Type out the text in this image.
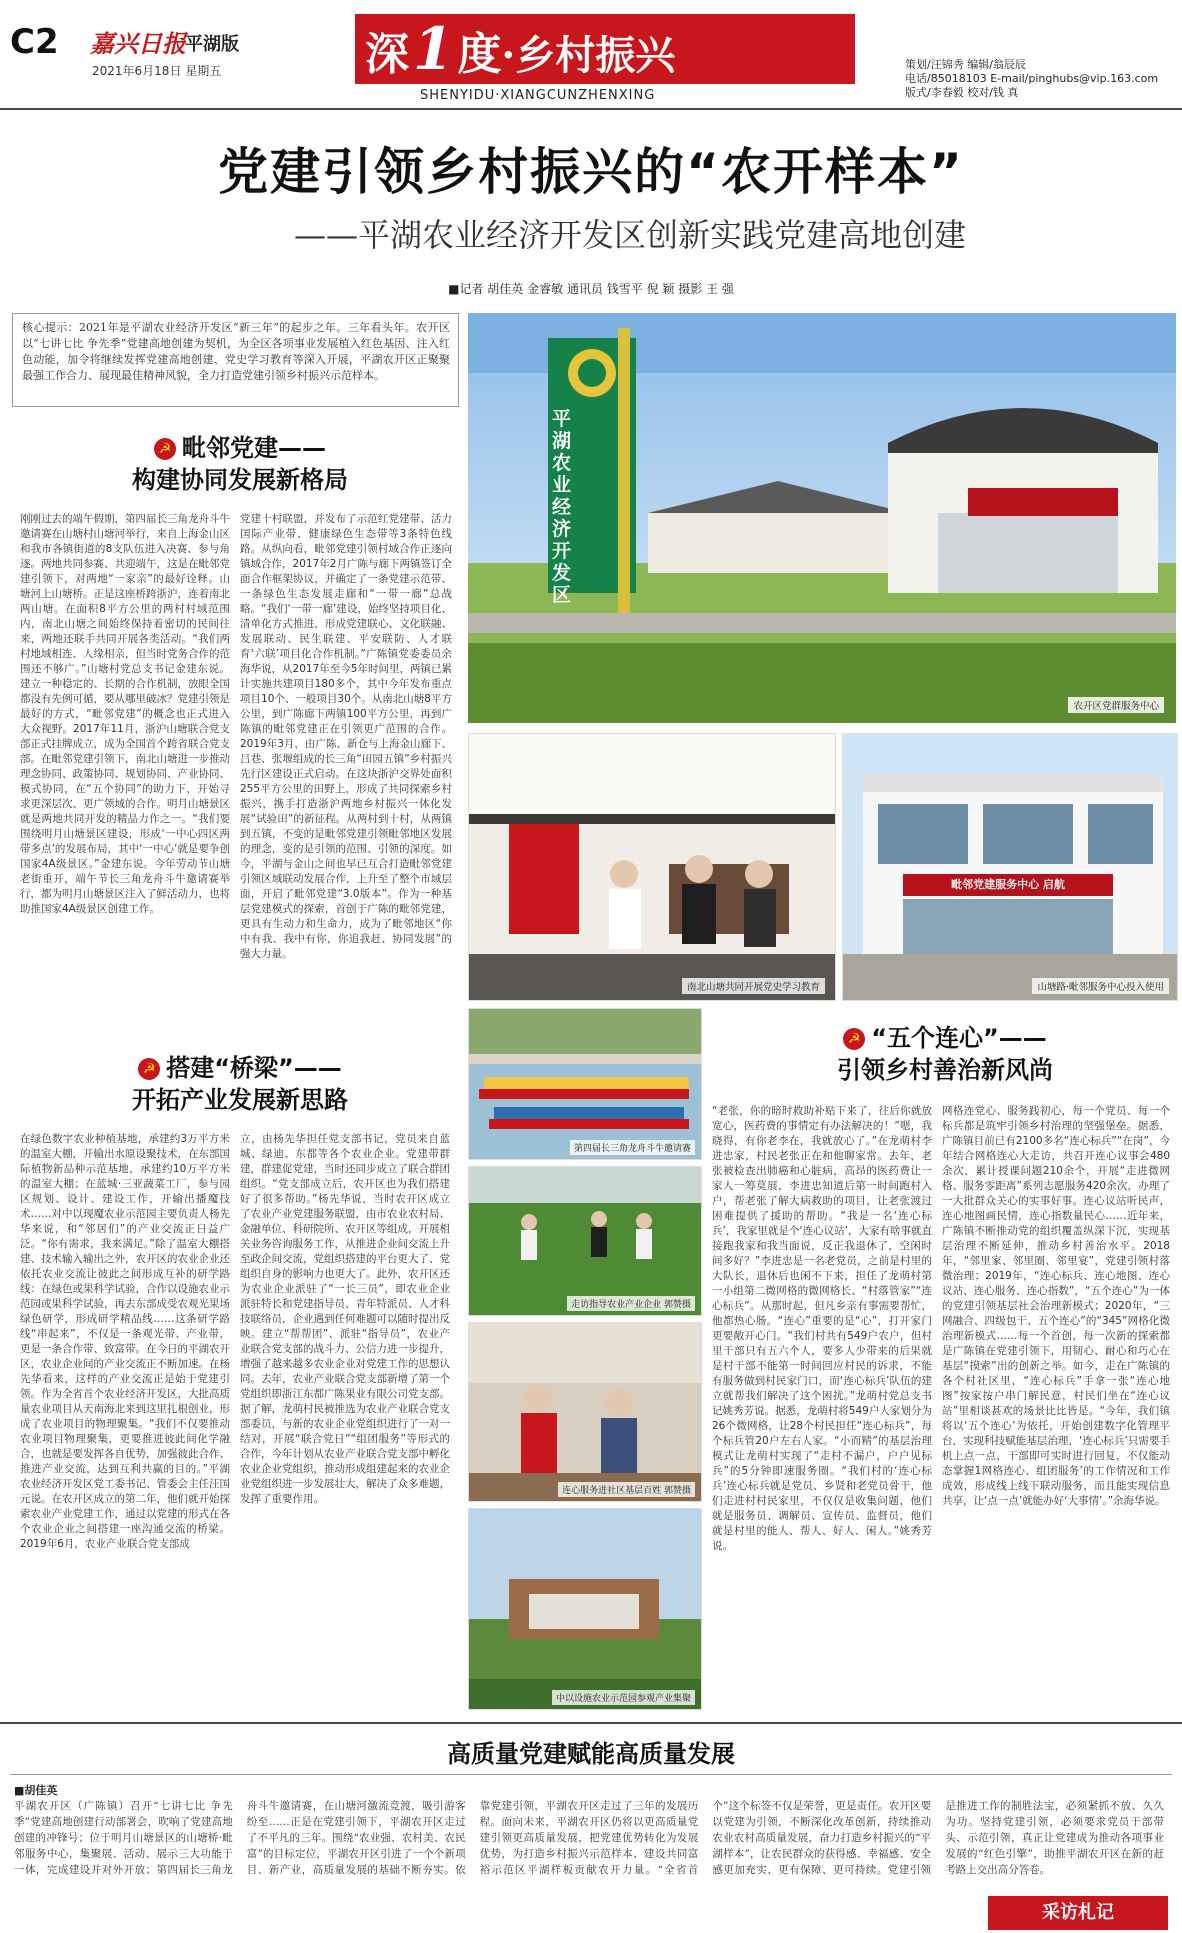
C2 嘉兴日报 平湖版
2021年6月18日 星期五	深1度·乡村振兴
SHENYIDU·XIANGCUNZHENXING
策划/汪锦秀 编辑/翁辰辰
电话/85018103 E-mail/pinghubs@vip.163.com
版式/李春毅 校对/钱 真
党建引领乡村振兴的“农开样本”
——平湖农业经济开发区创新实践党建高地创建
■记者 胡佳英 金睿敏 通讯员 钱雪平 倪 颖 摄影 王 强
核心提示：2021年是平湖农业经济开发区“新三年”的起步之年。三年看头年。农开区以“七讲七比 争先季”党建高地创建为契机，为全区各项事业发展植入红色基因、注入红色动能，加令将继续发挥党建高地创建、党史学习教育等深入开展，平湖农开区正聚聚最强工作合力、展现最佳精神风貌，全力打造党建引领乡村振兴示范样本。
☭ 毗邻党建——
构建协同发展新格局
刚刚过去的端午假期，第四届长三角龙舟斗牛邀请赛在山塘村山塘河举行，来自上海金山区和我市各镇街道的8支队伍进入决赛、参与角逐。两地共同参赛、共迎端午，这是在毗邻党建引领下，对两地“一家亲”的最好诠释。山塘河上山塘桥。正是这座桥跨浙沪，连着南北两山塘。在面积8平方公里的两村村域范围内，南北山塘之间始终保持着密切的民间往来，两地还联手共同开展各类活动。“我们两村地域相连、人缘相亲，但当时党务合作的范围还不够广。”山塘村党总支书记金建东说。建立一种稳定的、长期的合作机制，放眼全国都没有先例可循，要从哪里破冰？党建引领是最好的方式，“毗邻党建”的概念也正式进入大众视野。2017年11月，浙沪山塘联合党支部正式挂牌成立，成为全国首个跨省联合党支部。在毗邻党建引领下，南北山塘进一步推动理念协同、政策协同、规划协同、产业协同、模式协同，在“五个协同”的助力下，开始寻求更深层次、更广领域的合作。明月山塘景区就是两地共同开发的精品力作之一。“我们要围绕明月山塘景区建设，形成‘一中心四区两带多点’的发展布局，其中‘一中心’就是要争创国家4A级景区。”金建东说。今年劳动节山塘老街重开，端午节长三角龙舟斗牛邀请赛举行，都为明月山塘景区注入了鲜活动力，也将助推国家4A级景区创建工作。
党建十村联盟，并发布了示范红党建带、活力国际产业带、健康绿色生态带等3条特色线路。从纵向看，毗邻党建引领村域合作正逐向镇域合作，2017年2月广陈与廊下两镇签订全面合作框架协议，并确定了一条党建示范带、一条绿色生态发展走廊和“一带一廊”总战略。“我们‘一带一廊’建设，始终坚持项目化、清单化方式推进，形成党建联心、文化联融、发展联动、民生联建、平安联防、人才联育‘六联’项目化合作机制。”广陈镇党委委员余海华说，从2017年至今5年时间里，两镇已累计实施共建项目180多个，其中今年发布重点项目10个、一般项目30个。从南北山塘8平方公里，到广陈廊下两镇100平方公里，再到广陈镇的毗邻党建正在引领更广范围的合作。2019年3月，由广陈、新仓与上海金山廊下、吕巷、张堰组成的长三角“田园五镇”乡村振兴先行区建设正式启动。在这块浙沪交界处面积255平方公里的田野上，形成了共同探索乡村振兴，携手打造浙沪两地乡村振兴一体化发展“试验田”的新征程。从两村到十村，从两镇到五镇，不变的是毗邻党建引领毗邻地区发展的理念，变的是引领的范围、引领的深度。如今，平湖与金山之间也早已互合打造毗邻党建引领区域联动发展合作，上升至了整个市域层面，开启了毗邻党建“3.0版本”。作为一种基层党建模式的探索，首创于广陈的毗邻党建，更具有生动力和生命力，成为了毗邻地区“你中有我、我中有你，你追我赶、协同发展”的强大力量。
平湖农业经济开发区
农开区党群服务中心
南北山塘共同开展党史学习教育
毗邻党建服务中心 启航
山塘路·毗邻服务中心投入使用
☭ 搭建“桥梁”——
开拓产业发展新思路
在绿色数字农业种植基地，承建约3万平方米的温室大棚，开输出水原设聚技术，在东部国际植物新品种示范基地，承建约10万平方米的温室大棚；在蓝城·三亚蔬菜工厂，参与园区规划、设计、建设工作，开输出播魔技术……对中以现魔农业示范园主要负责人杨先华来说，和“邻居们”的产业交流正日益广泛。“你有需求，我来满足。”除了温室大棚搭建、技术输入输出之外，农开区的农业企业还依托农业交流让彼此之间形成互补的研学路线：在绿色或果科学试验，合作以设施农业示范园或果科学试验，再去东部成受农观光果场绿色研学，形成研学精品线……这条研学路线“串起来”，不仅是一条观光带、产业带，更是一条合作带、致富带。在今日的平湖农开区，农业企业间的产业交流正不断加速。在杨先华看来，这样的产业交流正是始于党建引领。作为全省首个农业经济开发区，大批高质量农业项目从天南海北来到这里扎根创业，形成了农业项目的物理聚集。“我们不仅要推动农业项目物理聚集，更要推进彼此间化学融合，也就是要发挥各自优势，加强彼此合作、推进产业交流，达到互利共赢的目的。”平湖农业经济开发区党工委书记、管委会主任汪国元说。在农开区成立的第二年，他们就开始探索农业产业党建工作，通过以党建的形式在各个农业企业之间搭建一座沟通交流的桥梁。2019年6月，农业产业联合党支部成
立，由杨先华担任党支部书记，党员来自蓝城、绿迪、东都等各个农业企业。党建带群建，群建促党建，当时还同步成立了联合群团组织。“党支部成立后，农开区也为我们搭建好了很多帮助。”杨先华说，当时农开区成立了农业产业党建服务联盟，由市农业农村局、金融单位、科研院所、农开区等组成，开展相关业务咨询服务工作，从推进企业间交流上升至政企间交流，党组织搭建的平台更大了、党组织自身的影响力也更大了。此外，农开区还为农业企业派驻了“一长三员”，即农业企业派驻特长和党建指导员、青年特派员、人才科技联络员，企业遇到任何难题可以随时提出反映。建立“帮帮团”、派驻“指导员”，农业产业联合党支部的战斗力、公信力进一步提升，增强了越来越多农业企业对党建工作的思想认同。去年，农业产业联合党支部新增了第一个党组织即浙江东都广陈果业有限公司党支部。据了解，龙萌村民被推选为农业产业联合党支部委员，与新的农业企业党组织进行了一对一结对，开展“联合党日”“组团服务”等形式的合作，今年计划从农业产业联合党支部中孵化农业企业党组织，推动形成组建起来的农业企业党组织进一步发展壮大，解决了众多难题，发挥了重要作用。
第四届长三角龙舟斗牛邀请赛
走访指导农业产业企业 郭赞摄
连心服务进社区基层百姓 郭赞摄
中以设施农业示范园参观产业集聚
☭ “五个连心”——
引领乡村善治新风尚
“老张，你的暗时救助补贴下来了，往后你就放宽心，医药费的事情定有办法解决的！”嗯，我晓得，有你老李在，我就放心了。”在龙萌村李进忠家，村民老张正在和他聊家常。去年，老张被检查出肺癌和心脏病，高昂的医药费让一家人一筹莫展，李进忠知道后第一时间跑村入户，帮老张了解大病救助的项目，让老张渡过困难提供了援助的帮助。“我是一名‘连心标兵’，我家里就是个‘连心议站’，大家有啥事就直接跑我家和我当面说，反正我退休了，空闲时间多好？”李进忠是一名老党员，之前是村里的大队长，退休后也闲不下来，担任了龙萌村第一小组第二微网格的微网格长、“村落管家”“连心标兵”。从那时起，但凡乡亲有事需要帮忙，他都热心肠。“连心”重要的是“心”，打开家门更要敞开心门。“我们村共有549户农户，但村里干部只有五六个人，要多人少带来的后果就是村干部不能第一时间回应村民的诉求，不能有服务做到村民家门口，而‘连心标兵’队伍的建立就帮我们解决了这个困扰。”龙萌村党总支书记姚秀芳说。据悉，龙萌村将549户人家划分为26个微网格，让28个村民担任“连心标兵”，每个标兵管20户左右人家。“小而精”的基层治理模式让龙萌村实现了“走村不漏户，户户见标兵”的5分钟即速服务圈。“我们村的‘连心标兵’连心标兵就是党员、乡贤和老党员骨干，他们走进村村民家里，不仅仅是收集问题，他们就是服务员、调解员、宣传员、监督员，他们就是村里的能人、帮人、好人、闲人。”姚秀芳说。
网格连党心、服务践初心，每一个党员、每一个标兵都是筑牢引领乡村治理的坚强堡垒。据悉，广陈镇目前已有2100多名“连心标兵”“在岗”，今年结合网格连心大走访，共召开连心议事会480余次，累计授课问题210余个，开展“走进微网格、服务零距离”系列志愿服务420余次，办理了一大批群众关心的实事好事。连心议站听民声，连心地图画民情，连心指数量民心……近年来，广陈镇不断推动党的组织覆盖纵深下沉，实现基层治理不断延伸，推动乡村善治水平。2018年，“邻里家、邻里圈、邻里宴”，党建引领村落微治理；2019年，“连心标兵、连心地图、连心议站、连心服务、连心指数”，“五个连心”为一体的党建引领基层社会治理新模式；2020年，“三网融合、四级包干、五个连心”的“345”网格化微治理新模式……每一个首创，每一次新的探索都是广陈镇在党建引领下，用韧心、耐心和巧心在基层“摸索”出的创新之举。如今，走在广陈镇的各个村社区里，“连心标兵”手拿一张“连心地图”按家按户串门解民意，村民们坐在“连心议站”里相谈甚欢的场景比比皆是。“今年，我们镇将以‘五个连心’为依托，开始创建数字化管理平台，实现科技赋能基层治理，‘连心标兵’只需要手机上点一点，干部即可实时进行回复，不仅能动态掌握1网格连心、组团服务’的工作情况和工作成效，形成线上线下联动服务，而且能实现信息共享，让‘点一点’就能办好‘大事情’。”余海华说。
高质量党建赋能高质量发展
■胡佳英
平湖农开区（广陈镇）召开“七讲七比 争先季”党建高地创建行动部署会，吹响了党建高地创建的冲锋号；位于明月山塘景区的山塘桥·毗邻服务中心，集聚展、活动、展示三大功能于一体，完成建设并对外开放；第四届长三角龙舟斗牛邀请赛，在山塘河激流竞渡，吸引游客纷至……正是在党建引领下，平湖农开区走过了不平凡的三年。围绕“农业强、农村美、农民富”的目标定位，平湖农开区引进了一个个新项目、新产业，高质量发展的基础不断夯实。依靠党建引领，平湖农开区走过了三年的发展历程。面向未来，平湖农开区仍将以更高质量党建引领更高质量发展，把党建优势转化为发展优势，为打造乡村振兴示范样本、建设共同富裕示范区平湖样板贡献农开力量。“全省首个”这个标签不仅是荣誉，更是责任。农开区要以党建为引领，不断深化改革创新，持续推动农业农村高质量发展，奋力打造乡村振兴的“平湖样本”，让农民群众的获得感、幸福感、安全感更加充实、更有保障、更可持续。党建引领是推进工作的制胜法宝，必须紧抓不放、久久为功。坚持党建引领，必须要求党员干部带头、示范引领，真正让党建成为推动各项事业发展的“红色引擎”，助推平湖农开区在新的赶考路上交出高分答卷。
采访札记
